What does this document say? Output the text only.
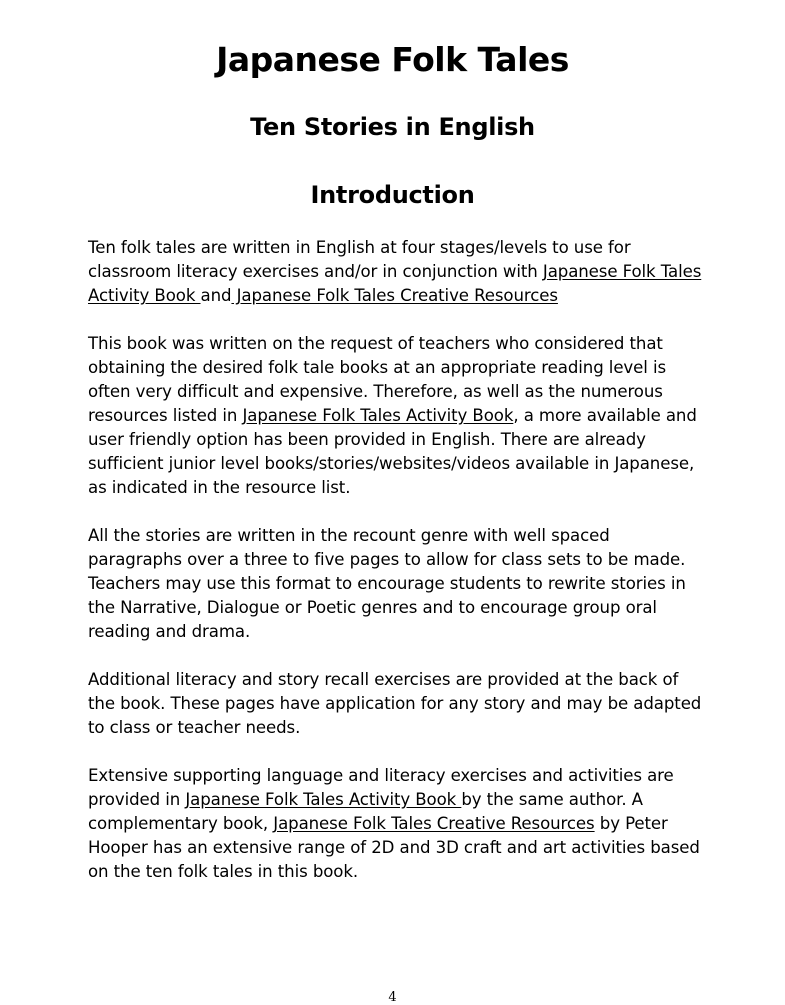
Japanese Folk Tales
Ten Stories in English
Introduction

Ten folk tales are written in English at four stages/levels to use for classroom literacy exercises and/or in conjunction with Japanese Folk Tales Activity Book and Japanese Folk Tales Creative Resources

This book was written on the request of teachers who considered that obtaining the desired folk tale books at an appropriate reading level is often very difficult and expensive. Therefore, as well as the numerous resources listed in Japanese Folk Tales Activity Book, a more available and user friendly option has been provided in English. There are already sufficient junior level books/stories/websites/videos available in Japanese, as indicated in the resource list.

All the stories are written in the recount genre with well spaced paragraphs over a three to five pages to allow for class sets to be made. Teachers may use this format to encourage students to rewrite stories in the Narrative, Dialogue or Poetic genres and to encourage group oral reading and drama.

Additional literacy and story recall exercises are provided at the back of the book. These pages have application for any story and may be adapted to class or teacher needs.

Extensive supporting language and literacy exercises and activities are provided in Japanese Folk Tales Activity Book by the same author. A complementary book, Japanese Folk Tales Creative Resources by Peter Hooper has an extensive range of 2D and 3D craft and art activities based on the ten folk tales in this book.

4
